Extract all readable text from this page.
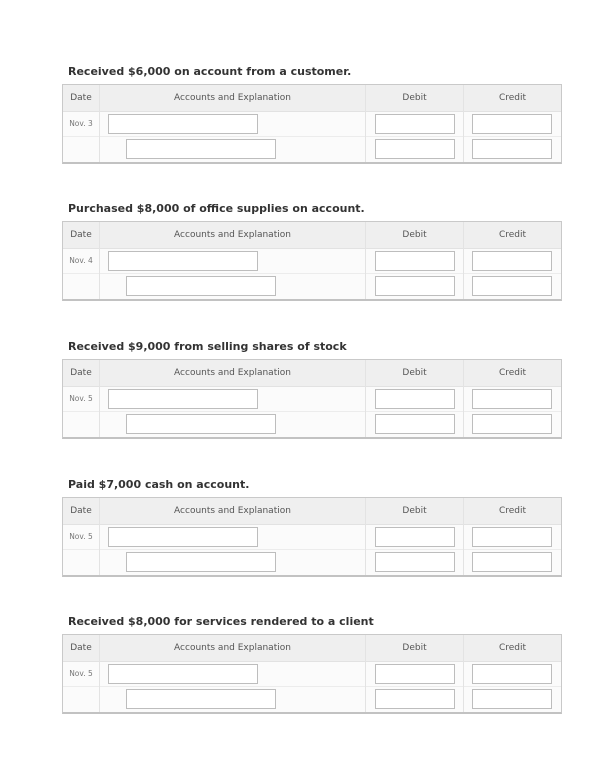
Received $6,000 on account from a customer.
Date	Accounts and Explanation	Debit	Credit
Nov. 3
Purchased $8,000 of office supplies on account.
Date	Accounts and Explanation	Debit	Credit
Nov. 4
Received $9,000 from selling shares of stock
Date	Accounts and Explanation	Debit	Credit
Nov. 5
Paid $7,000 cash on account.
Date	Accounts and Explanation	Debit	Credit
Nov. 5
Received $8,000 for services rendered to a client
Date	Accounts and Explanation	Debit	Credit
Nov. 5
